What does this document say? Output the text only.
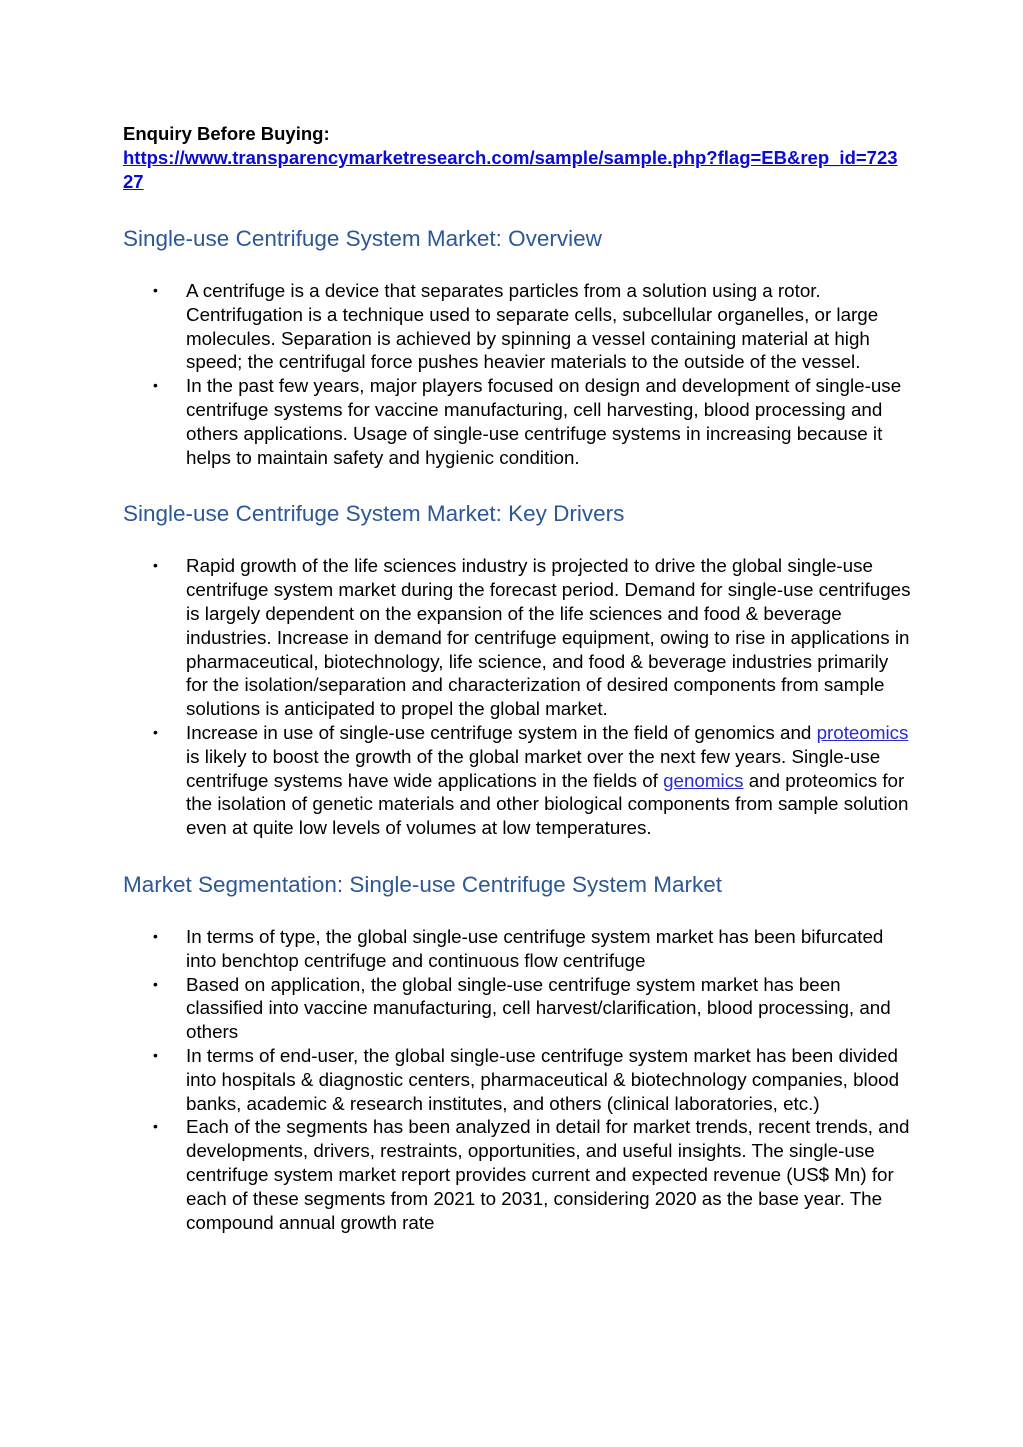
Enquiry Before Buying:

https://www.transparencymarketresearch.com/sample/sample.php?flag=EB&rep_id=72327
Single-use Centrifuge System Market: Overview
• A centrifuge is a device that separates particles from a solution using a rotor. Centrifugation is a technique used to separate cells, subcellular organelles, or large molecules. Separation is achieved by spinning a vessel containing material at high speed; the centrifugal force pushes heavier materials to the outside of the vessel.
• In the past few years, major players focused on design and development of single-use centrifuge systems for vaccine manufacturing, cell harvesting, blood processing and others applications. Usage of single-use centrifuge systems in increasing because it helps to maintain safety and hygienic condition.
Single-use Centrifuge System Market: Key Drivers
• Rapid growth of the life sciences industry is projected to drive the global single-use centrifuge system market during the forecast period. Demand for single-use centrifuges is largely dependent on the expansion of the life sciences and food & beverage industries. Increase in demand for centrifuge equipment, owing to rise in applications in pharmaceutical, biotechnology, life science, and food & beverage industries primarily for the isolation/separation and characterization of desired components from sample solutions is anticipated to propel the global market.
• Increase in use of single-use centrifuge system in the field of genomics and proteomics is likely to boost the growth of the global market over the next few years. Single-use centrifuge systems have wide applications in the fields of genomics and proteomics for the isolation of genetic materials and other biological components from sample solution even at quite low levels of volumes at low temperatures.
Market Segmentation: Single-use Centrifuge System Market
• In terms of type, the global single-use centrifuge system market has been bifurcated into benchtop centrifuge and continuous flow centrifuge
• Based on application, the global single-use centrifuge system market has been classified into vaccine manufacturing, cell harvest/clarification, blood processing, and others
• In terms of end-user, the global single-use centrifuge system market has been divided into hospitals & diagnostic centers, pharmaceutical & biotechnology companies, blood banks, academic & research institutes, and others (clinical laboratories, etc.)
• Each of the segments has been analyzed in detail for market trends, recent trends, and developments, drivers, restraints, opportunities, and useful insights. The single-use centrifuge system market report provides current and expected revenue (US$ Mn) for each of these segments from 2021 to 2031, considering 2020 as the base year. The compound annual growth rate
